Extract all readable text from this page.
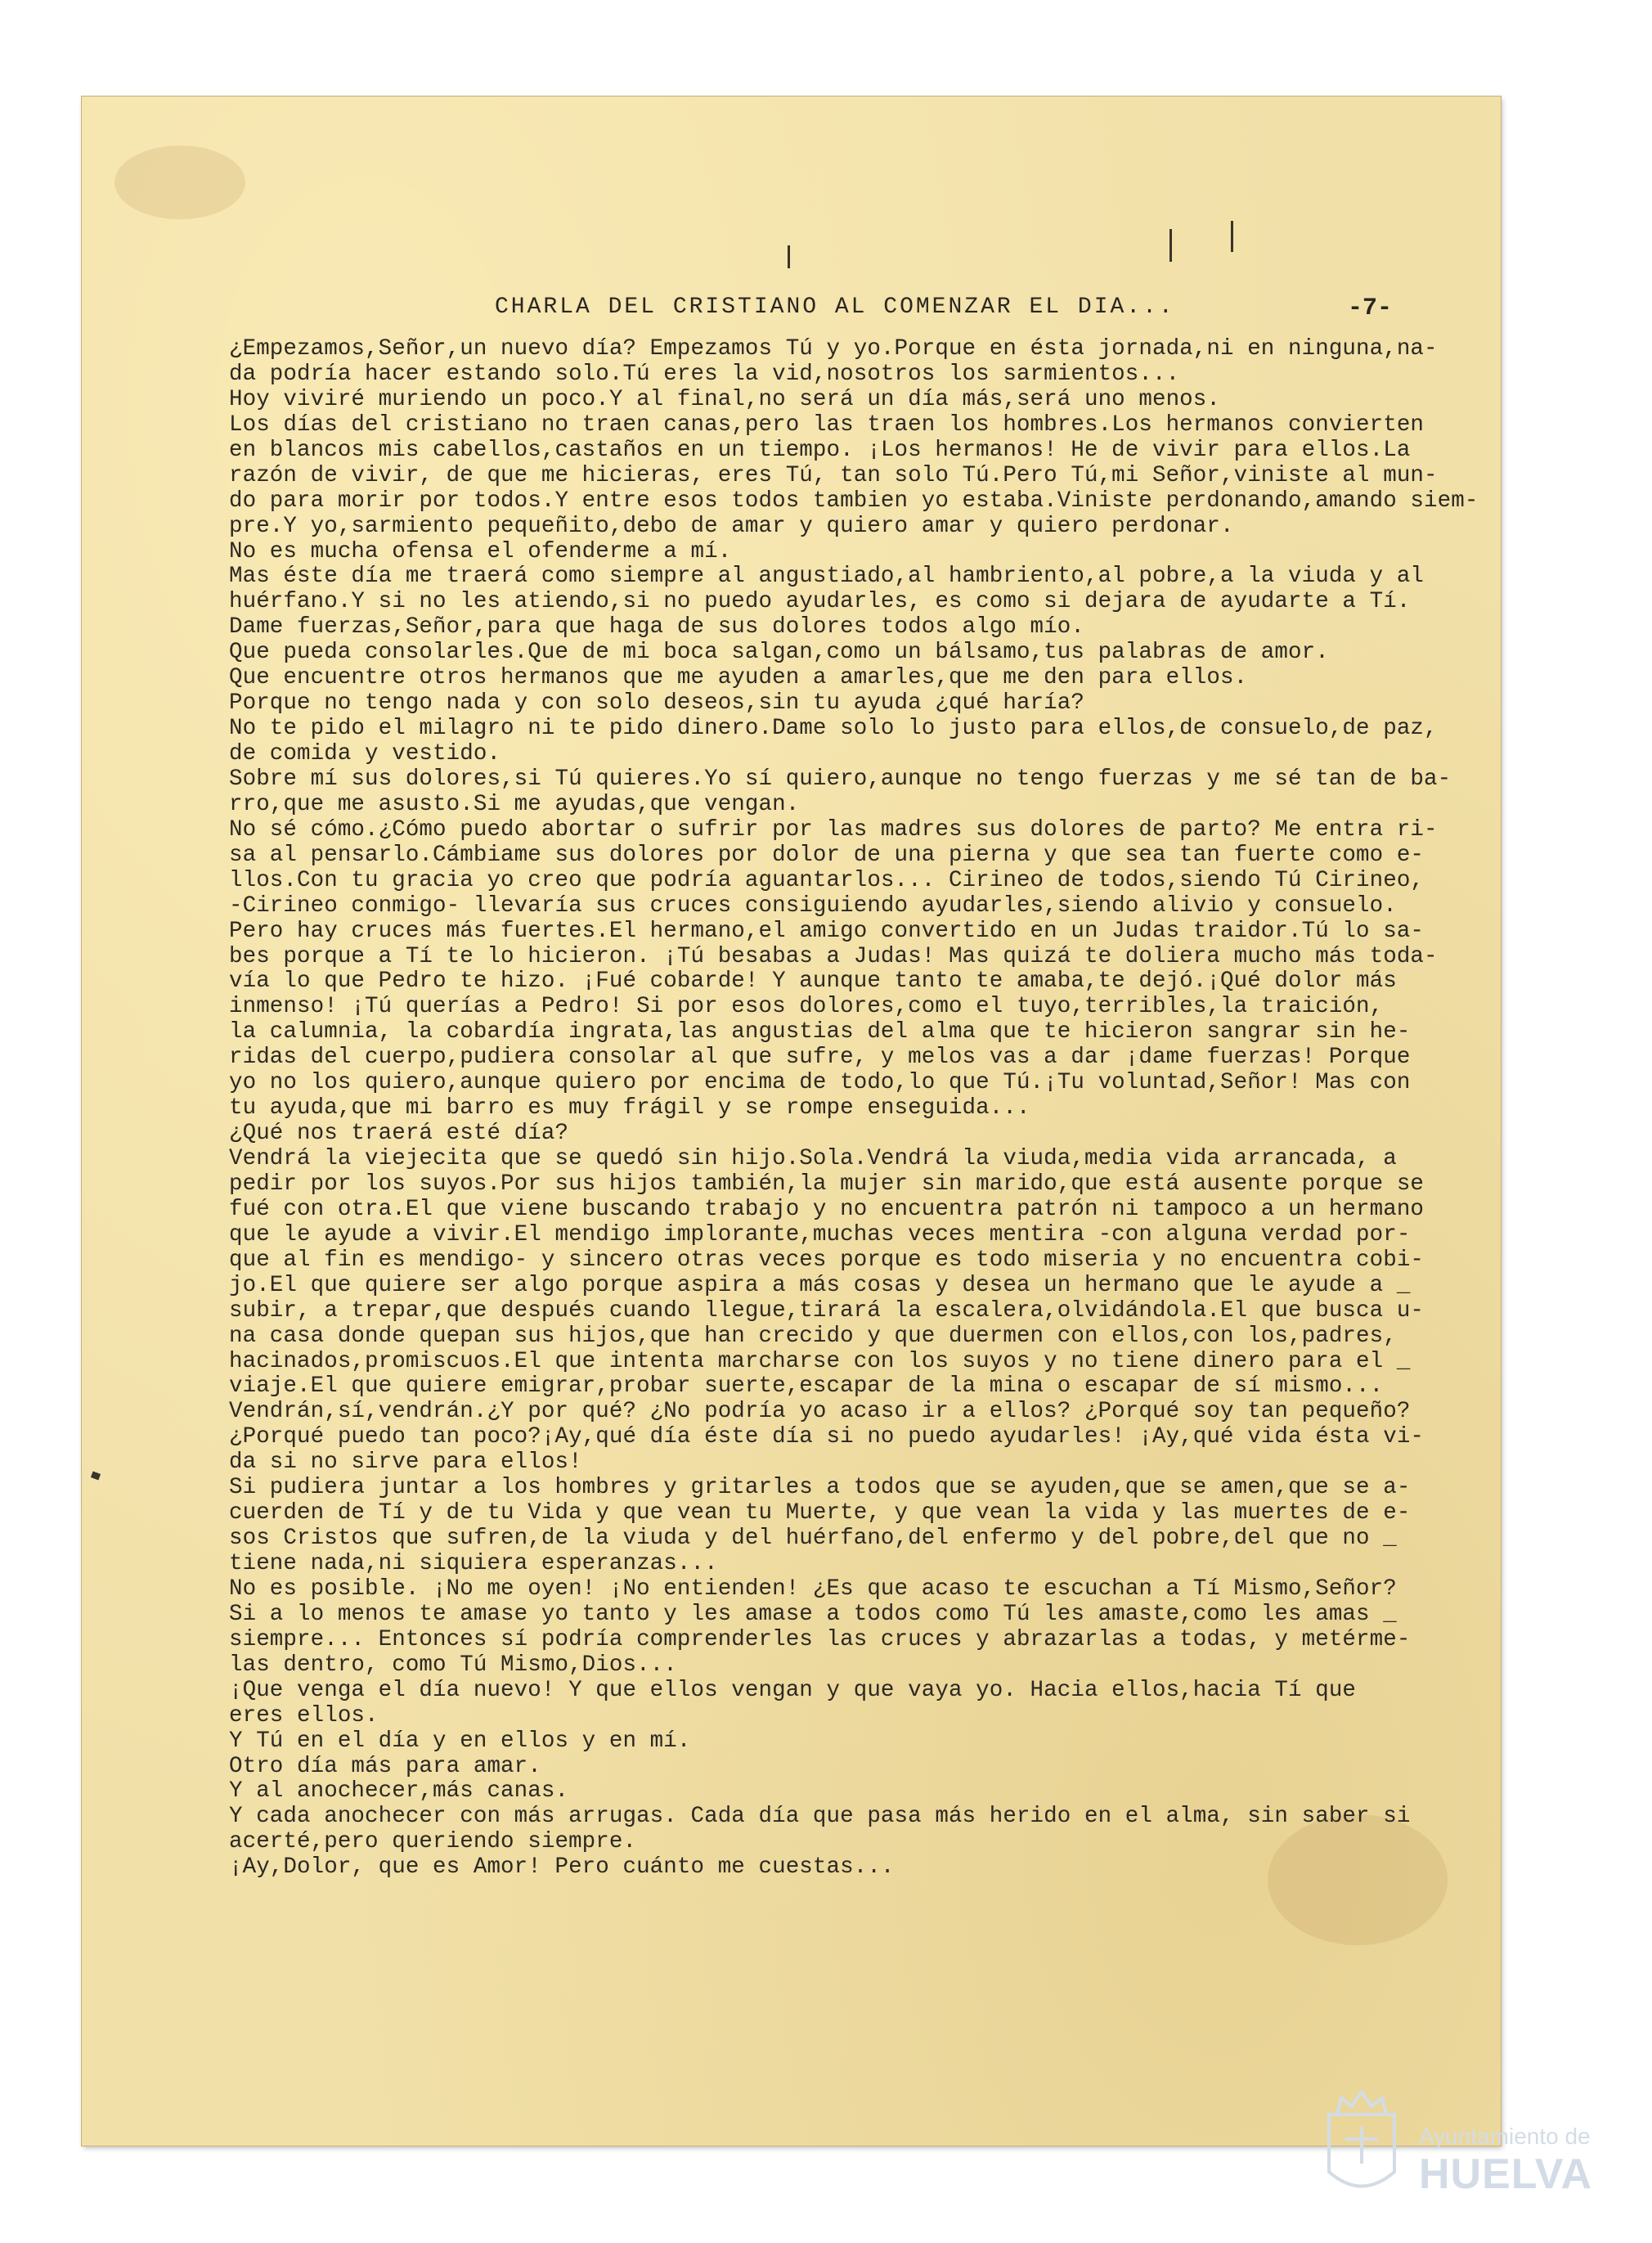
CHARLA DEL CRISTIANO AL COMENZAR EL DIA...	-7-
¿Empezamos,Señor,un nuevo día? Empezamos Tú y yo.Porque en ésta jornada,ni en ninguna,na-
da podría hacer estando solo.Tú eres la vid,nosotros los sarmientos...
Hoy viviré muriendo un poco.Y al final,no será un día más,será uno menos.
Los días del cristiano no traen canas,pero las traen los hombres.Los hermanos convierten
en blancos mis cabellos,castaños en un tiempo. ¡Los hermanos! He de vivir para ellos.La
razón de vivir, de que me hicieras, eres Tú, tan solo Tú.Pero Tú,mi Señor,viniste al mun-
do para morir por todos.Y entre esos todos tambien yo estaba.Viniste perdonando,amando siem-
pre.Y yo,sarmiento pequeñito,debo de amar y quiero amar y quiero perdonar.
No es mucha ofensa el ofenderme a mí.
Mas éste día me traerá como siempre al angustiado,al hambriento,al pobre,a la viuda y al
huérfano.Y si no les atiendo,si no puedo ayudarles, es como si dejara de ayudarte a Tí.
Dame fuerzas,Señor,para que haga de sus dolores todos algo mío.
Que pueda consolarles.Que de mi boca salgan,como un bálsamo,tus palabras de amor.
Que encuentre otros hermanos que me ayuden a amarles,que me den para ellos.
Porque no tengo nada y con solo deseos,sin tu ayuda ¿qué haría?
No te pido el milagro ni te pido dinero.Dame solo lo justo para ellos,de consuelo,de paz,
de comida y vestido.
Sobre mí sus dolores,si Tú quieres.Yo sí quiero,aunque no tengo fuerzas y me sé tan de ba-
rro,que me asusto.Si me ayudas,que vengan.
No sé cómo.¿Cómo puedo abortar o sufrir por las madres sus dolores de parto? Me entra ri-
sa al pensarlo.Cámbiame sus dolores por dolor de una pierna y que sea tan fuerte como e-
llos.Con tu gracia yo creo que podría aguantarlos... Cirineo de todos,siendo Tú Cirineo,
-Cirineo conmigo- llevaría sus cruces consiguiendo ayudarles,siendo alivio y consuelo.
Pero hay cruces más fuertes.El hermano,el amigo convertido en un Judas traidor.Tú lo sa-
bes porque a Tí te lo hicieron. ¡Tú besabas a Judas! Mas quizá te doliera mucho más toda-
vía lo que Pedro te hizo. ¡Fué cobarde! Y aunque tanto te amaba,te dejó.¡Qué dolor más
inmenso! ¡Tú querías a Pedro! Si por esos dolores,como el tuyo,terribles,la traición,
la calumnia, la cobardía ingrata,las angustias del alma que te hicieron sangrar sin he-
ridas del cuerpo,pudiera consolar al que sufre, y melos vas a dar ¡dame fuerzas! Porque
yo no los quiero,aunque quiero por encima de todo,lo que Tú.¡Tu voluntad,Señor! Mas con
tu ayuda,que mi barro es muy frágil y se rompe enseguida...
¿Qué nos traerá esté día?
Vendrá la viejecita que se quedó sin hijo.Sola.Vendrá la viuda,media vida arrancada, a
pedir por los suyos.Por sus hijos también,la mujer sin marido,que está ausente porque se
fué con otra.El que viene buscando trabajo y no encuentra patrón ni tampoco a un hermano
que le ayude a vivir.El mendigo implorante,muchas veces mentira -con alguna verdad por-
que al fin es mendigo- y sincero otras veces porque es todo miseria y no encuentra cobi-
jo.El que quiere ser algo porque aspira a más cosas y desea un hermano que le ayude a _
subir, a trepar,que después cuando llegue,tirará la escalera,olvidándola.El que busca u-
na casa donde quepan sus hijos,que han crecido y que duermen con ellos,con los,padres,
hacinados,promiscuos.El que intenta marcharse con los suyos y no tiene dinero para el _
viaje.El que quiere emigrar,probar suerte,escapar de la mina o escapar de sí mismo...
Vendrán,sí,vendrán.¿Y por qué? ¿No podría yo acaso ir a ellos? ¿Porqué soy tan pequeño?
¿Porqué puedo tan poco?¡Ay,qué día éste día si no puedo ayudarles! ¡Ay,qué vida ésta vi-
da si no sirve para ellos!
Si pudiera juntar a los hombres y gritarles a todos que se ayuden,que se amen,que se a-
cuerden de Tí y de tu Vida y que vean tu Muerte, y que vean la vida y las muertes de e-
sos Cristos que sufren,de la viuda y del huérfano,del enfermo y del pobre,del que no _
tiene nada,ni siquiera esperanzas...
No es posible. ¡No me oyen! ¡No entienden! ¿Es que acaso te escuchan a Tí Mismo,Señor?
Si a lo menos te amase yo tanto y les amase a todos como Tú les amaste,como les amas _
siempre... Entonces sí podría comprenderles las cruces y abrazarlas a todas, y metérme-
las dentro, como Tú Mismo,Dios...
¡Que venga el día nuevo! Y que ellos vengan y que vaya yo. Hacia ellos,hacia Tí que
eres ellos.
Y Tú en el día y en ellos y en mí.
Otro día más para amar.
Y al anochecer,más canas.
Y cada anochecer con más arrugas. Cada día que pasa más herido en el alma, sin saber si
acerté,pero queriendo siempre.
¡Ay,Dolor, que es Amor! Pero cuánto me cuestas...
Ayuntamiento de
HUELVA
